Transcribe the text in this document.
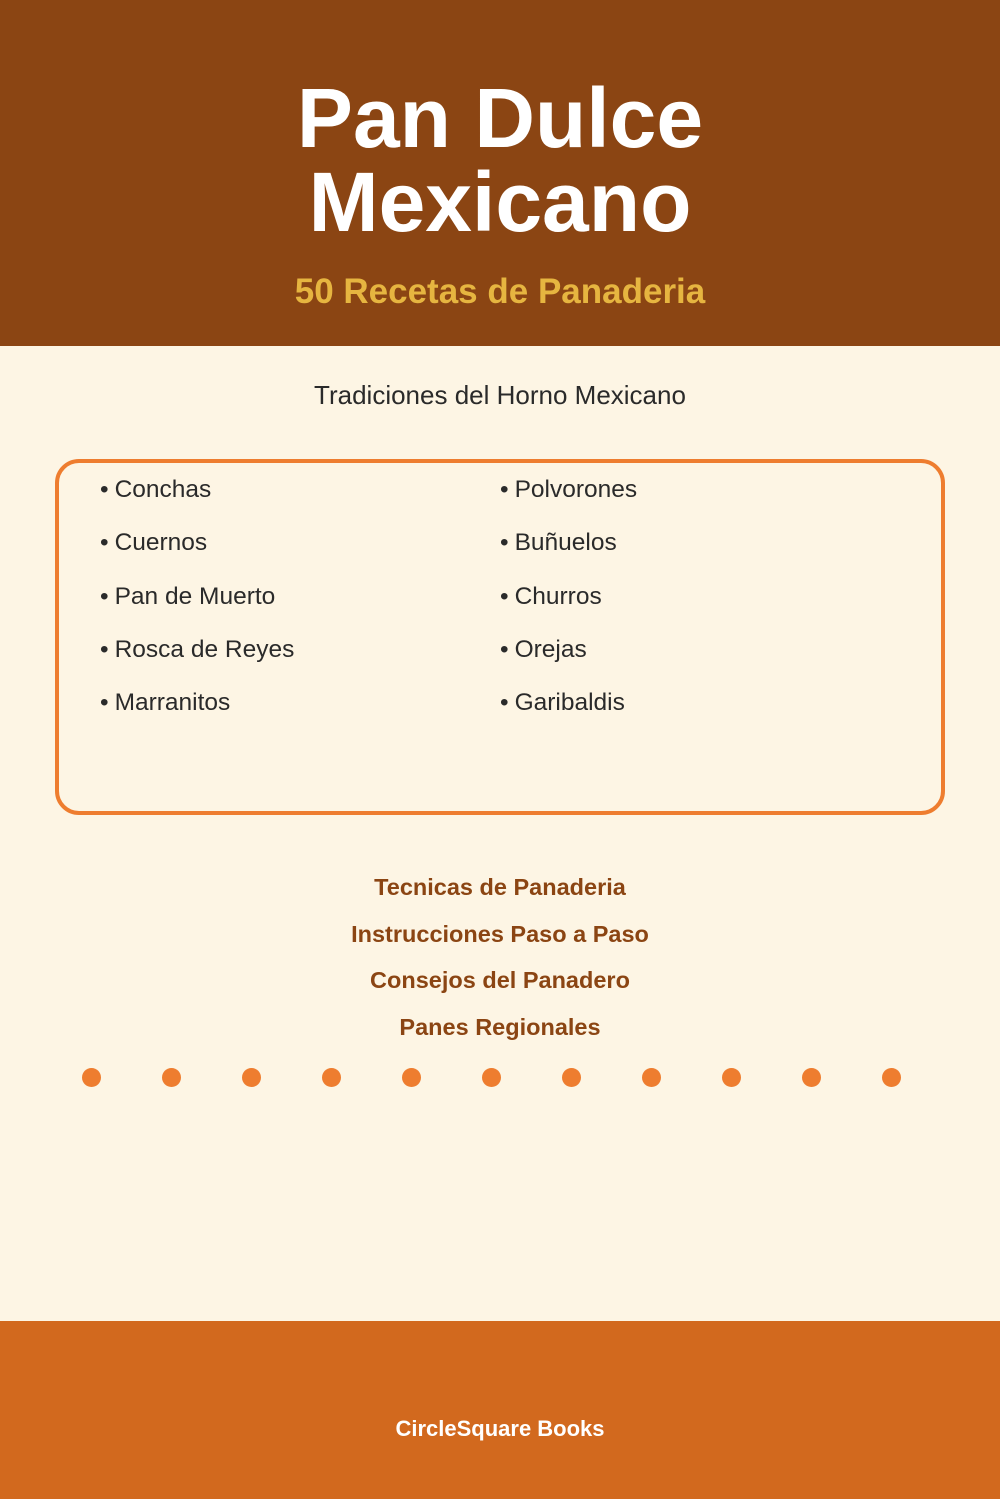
Pan Dulce
Mexicano
50 Recetas de Panaderia
Tradiciones del Horno Mexicano
• Conchas
• Cuernos
• Pan de Muerto
• Rosca de Reyes
• Marranitos
• Polvorones
• Buñuelos
• Churros
• Orejas
• Garibaldis
Tecnicas de Panaderia
Instrucciones Paso a Paso
Consejos del Panadero
Panes Regionales
CircleSquare Books
